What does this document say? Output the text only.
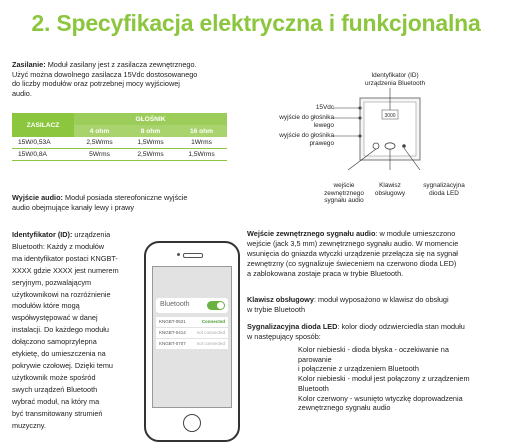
2. Specyfikacja elektryczna i funkcjonalna
Zasilanie: Moduł zasilany jest z zasilacza zewnętrznego.
Użyć można dowolnego zasilacza 15Vdc dostosowanego
do liczby modułów oraz potrzebnej mocy wyjściowej
audio.
ZASILACZ	GŁOŚNIK		
	4 ohm	8 ohm	16 ohm
15W/0,53A	2,5Wrms	1,5Wrms	1Wrms
15W/0,8A	5Wrms	2,5Wrms	1,5Wrms
Wyjście audio: Moduł posiada stereofoniczne wyjście
audio obejmujące kanały lewy i prawy
3000
Identyfikator (ID)
urządzenia Bluetooth
15Vdc
wyjście do głośnika
lewego
wyjście do głośnika
prawego
wejście
zewnętrznego
sygnału audio
Klawisz
obsługowy
sygnalizacyjna
dioda LED
Identyfikator (ID): urządzenia
Bluetooth: Każdy z modułów
ma identyfikator postaci KNGBT-
XXXX gdzie XXXX jest numerem
seryjnym, pozwalającym
użytkownikowi na rozróżnienie
modułów które mogą
współwystępować w danej
instalacji. Do każdego modułu
dołączono samoprzylepna
etykietę, do umieszczenia na
pokrywie czołowej. Dzięki temu
użytkownik może spośród
swych urządzeń Bluetooth
wybrać moduł, na który ma
być transmitowany strumień
muzyczny.
Bluetooth
KNGBT-0521	Connected
KNGBT-0414 not connected
KNGBT-0707 not connected
Wejście zewnętrznego sygnału audio: w module umieszczono
wejście (jack 3,5 mm) zewnętrznego sygnału audio. W momencie
wsunięcia do gniazda wtyczki urządzenie przełącza się na sygnał
zewnętrzny (co sygnalizuje świeceniem na czerwono dioda LED)
a zablokowana zostaje praca w trybie Bluetooth.
Klawisz obsługowy: moduł wyposażono w klawisz do obsługi
w trybie Bluetooth
Sygnalizacyjna dioda LED: kolor diody odzwierciedla stan modułu
w następujący sposób:
Kolor niebieski - dioda błyska - oczekiwanie na
parowanie
i połączenie z urządzeniem Bluetooth
Kolor niebieski - moduł jest połączony z urządzeniem
Bluetooth
Kolor czerwony - wsunięto wtyczkę doprowadzenia
zewnętrznego sygnału audio
